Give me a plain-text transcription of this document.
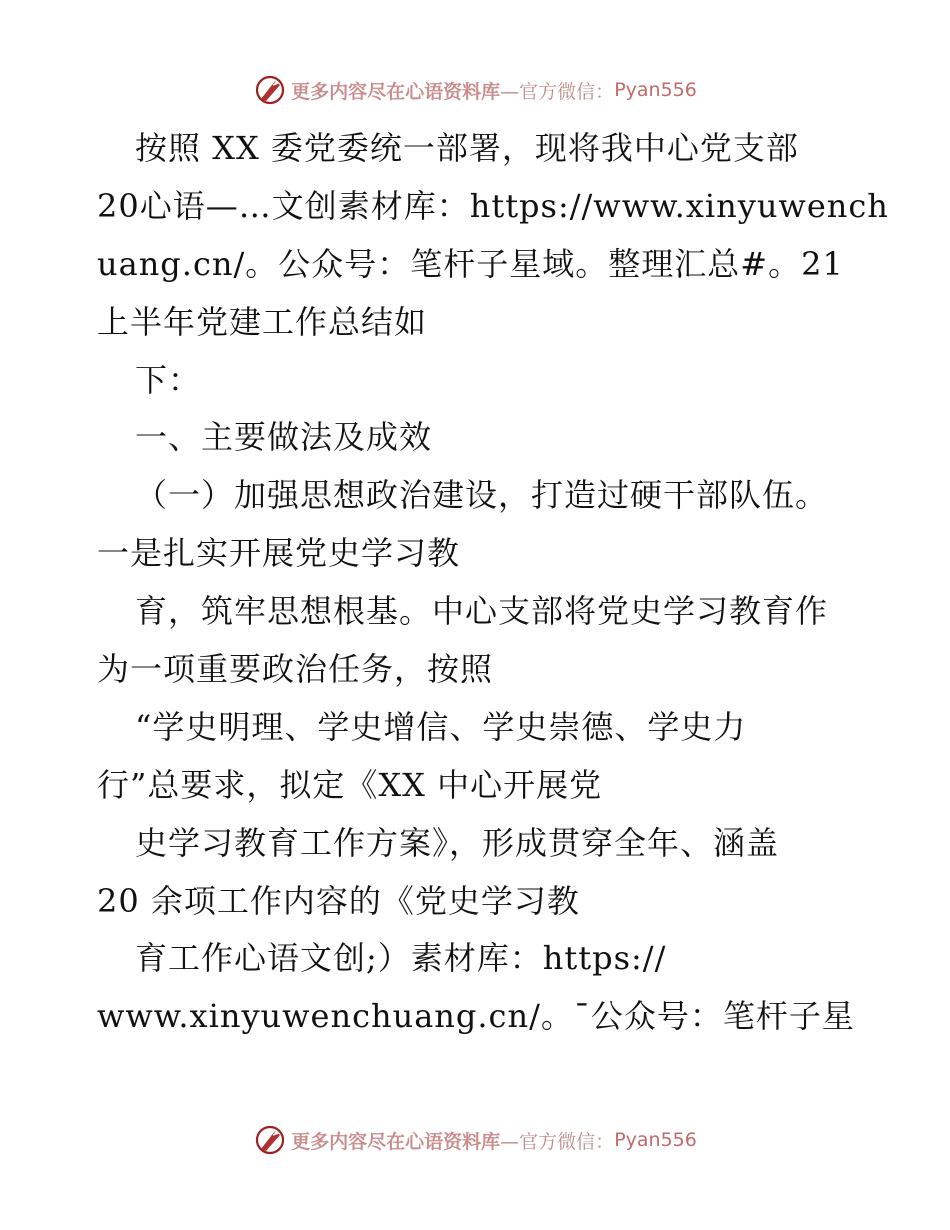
更多内容尽在心语资料库 —官方微信： Pyan556
按照 XX 委党委统一部署，现将我中心党支部
20心语—…文创素材库：https://www.xinyuwench
uang.cn/。公众号：笔杆子星域。整理汇总#。21
上半年党建工作总结如
下：
一、主要做法及成效
（一）加强思想政治建设，打造过硬干部队伍。
一是扎实开展党史学习教
育，筑牢思想根基。中心支部将党史学习教育作
为一项重要政治任务，按照
“学史明理、学史增信、学史崇德、学史力
行”总要求，拟定《XX 中心开展党
史学习教育工作方案》，形成贯穿全年、涵盖
20 余项工作内容的《党史学习教
育工作心语文创;）素材库：https://
www.xinyuwenchuang.cn/。¯公众号：笔杆子星
更多内容尽在心语资料库 —官方微信： Pyan556
